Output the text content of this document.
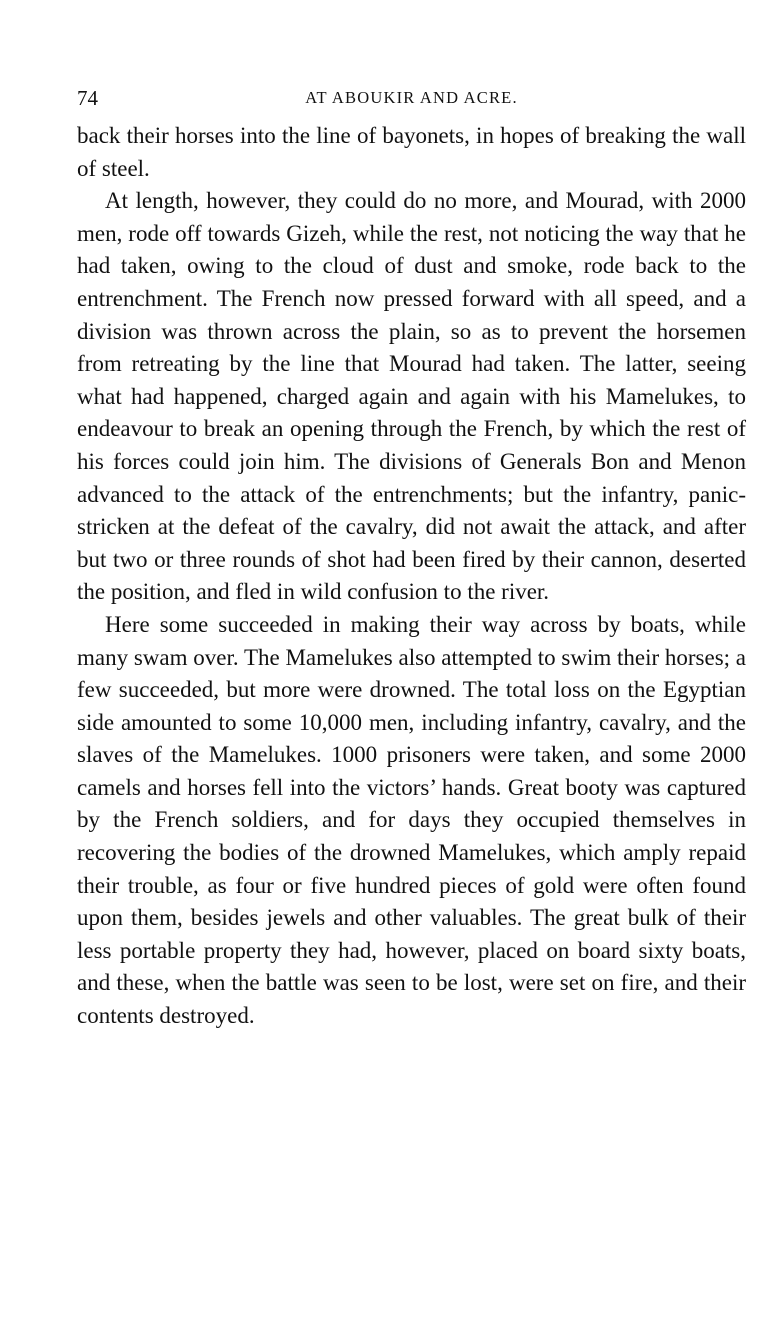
74	AT ABOUKIR AND ACRE.

back their horses into the line of bayonets, in hopes of breaking the wall of steel.

At length, however, they could do no more, and Mourad, with 2000 men, rode off towards Gizeh, while the rest, not noticing the way that he had taken, owing to the cloud of dust and smoke, rode back to the entrenchment. The French now pressed forward with all speed, and a division was thrown across the plain, so as to prevent the horsemen from retreating by the line that Mourad had taken. The latter, seeing what had happened, charged again and again with his Mamelukes, to endeavour to break an opening through the French, by which the rest of his forces could join him. The divisions of Generals Bon and Menon advanced to the attack of the entrenchments; but the infantry, panic-stricken at the defeat of the cavalry, did not await the attack, and after but two or three rounds of shot had been fired by their cannon, deserted the position, and fled in wild confusion to the river.

Here some succeeded in making their way across by boats, while many swam over. The Mamelukes also attempted to swim their horses; a few succeeded, but more were drowned. The total loss on the Egyptian side amounted to some 10,000 men, including infantry, cavalry, and the slaves of the Mamelukes. 1000 prisoners were taken, and some 2000 camels and horses fell into the victors’ hands. Great booty was captured by the French soldiers, and for days they occupied themselves in recovering the bodies of the drowned Mamelukes, which amply repaid their trouble, as four or five hundred pieces of gold were often found upon them, besides jewels and other valuables. The great bulk of their less portable property they had, however, placed on board sixty boats, and these, when the battle was seen to be lost, were set on fire, and their contents destroyed.
